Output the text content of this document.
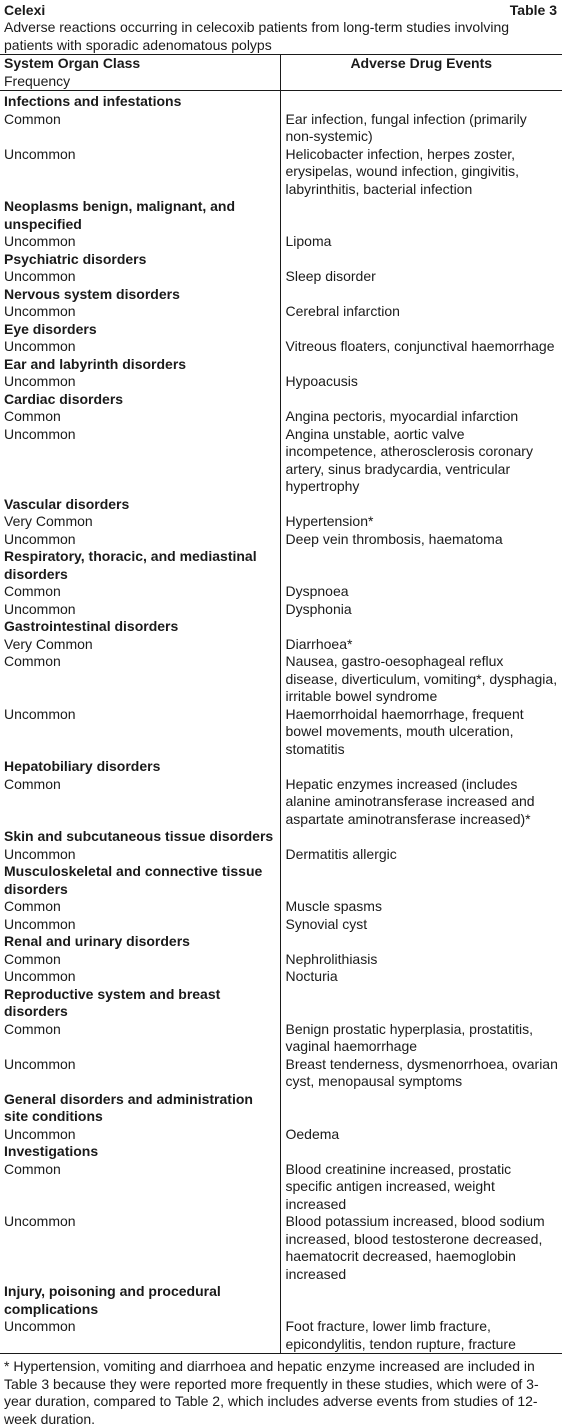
Celexi	Table 3
Adverse reactions occurring in celecoxib patients from long-term studies involving patients with sporadic adenomatous polyps
System Organ Class
Frequency	Adverse Drug Events
Infections and infestations	
Common	Ear infection, fungal infection (primarily non-systemic)
Uncommon	Helicobacter infection, herpes zoster, erysipelas, wound infection, gingivitis, labyrinthitis, bacterial infection
Neoplasms benign, malignant, and unspecified	
Uncommon	Lipoma
Psychiatric disorders	
Uncommon	Sleep disorder
Nervous system disorders	
Uncommon	Cerebral infarction
Eye disorders	
Uncommon	Vitreous floaters, conjunctival haemorrhage
Ear and labyrinth disorders	
Uncommon	Hypoacusis
Cardiac disorders	
Common	Angina pectoris, myocardial infarction
Uncommon	Angina unstable, aortic valve incompetence, atherosclerosis coronary artery, sinus bradycardia, ventricular hypertrophy
Vascular disorders	
Very Common	Hypertension*
Uncommon	Deep vein thrombosis, haematoma
Respiratory, thoracic, and mediastinal disorders	
Common	Dyspnoea
Uncommon	Dysphonia
Gastrointestinal disorders	
Very Common	Diarrhoea*
Common	Nausea, gastro-oesophageal reflux disease, diverticulum, vomiting*, dysphagia, irritable bowel syndrome
Uncommon	Haemorrhoidal haemorrhage, frequent bowel movements, mouth ulceration, stomatitis
Hepatobiliary disorders	
Common	Hepatic enzymes increased (includes alanine aminotransferase increased and aspartate aminotransferase increased)*
Skin and subcutaneous tissue disorders	
Uncommon	Dermatitis allergic
Musculoskeletal and connective tissue disorders	
Common	Muscle spasms
Uncommon	Synovial cyst
Renal and urinary disorders	
Common	Nephrolithiasis
Uncommon	Nocturia
Reproductive system and breast disorders	
Common	Benign prostatic hyperplasia, prostatitis, vaginal haemorrhage
Uncommon	Breast tenderness, dysmenorrhoea, ovarian cyst, menopausal symptoms
General disorders and administration site conditions	
Uncommon	Oedema
Investigations	
Common	Blood creatinine increased, prostatic specific antigen increased, weight increased
Uncommon	Blood potassium increased, blood sodium increased, blood testosterone decreased, haematocrit decreased, haemoglobin increased
Injury, poisoning and procedural complications	
Uncommon	Foot fracture, lower limb fracture, epicondylitis, tendon rupture, fracture
* Hypertension, vomiting and diarrhoea and hepatic enzyme increased are included in Table 3 because they were reported more frequently in these studies, which were of 3-year duration, compared to Table 2, which includes adverse events from studies of 12-week duration.
